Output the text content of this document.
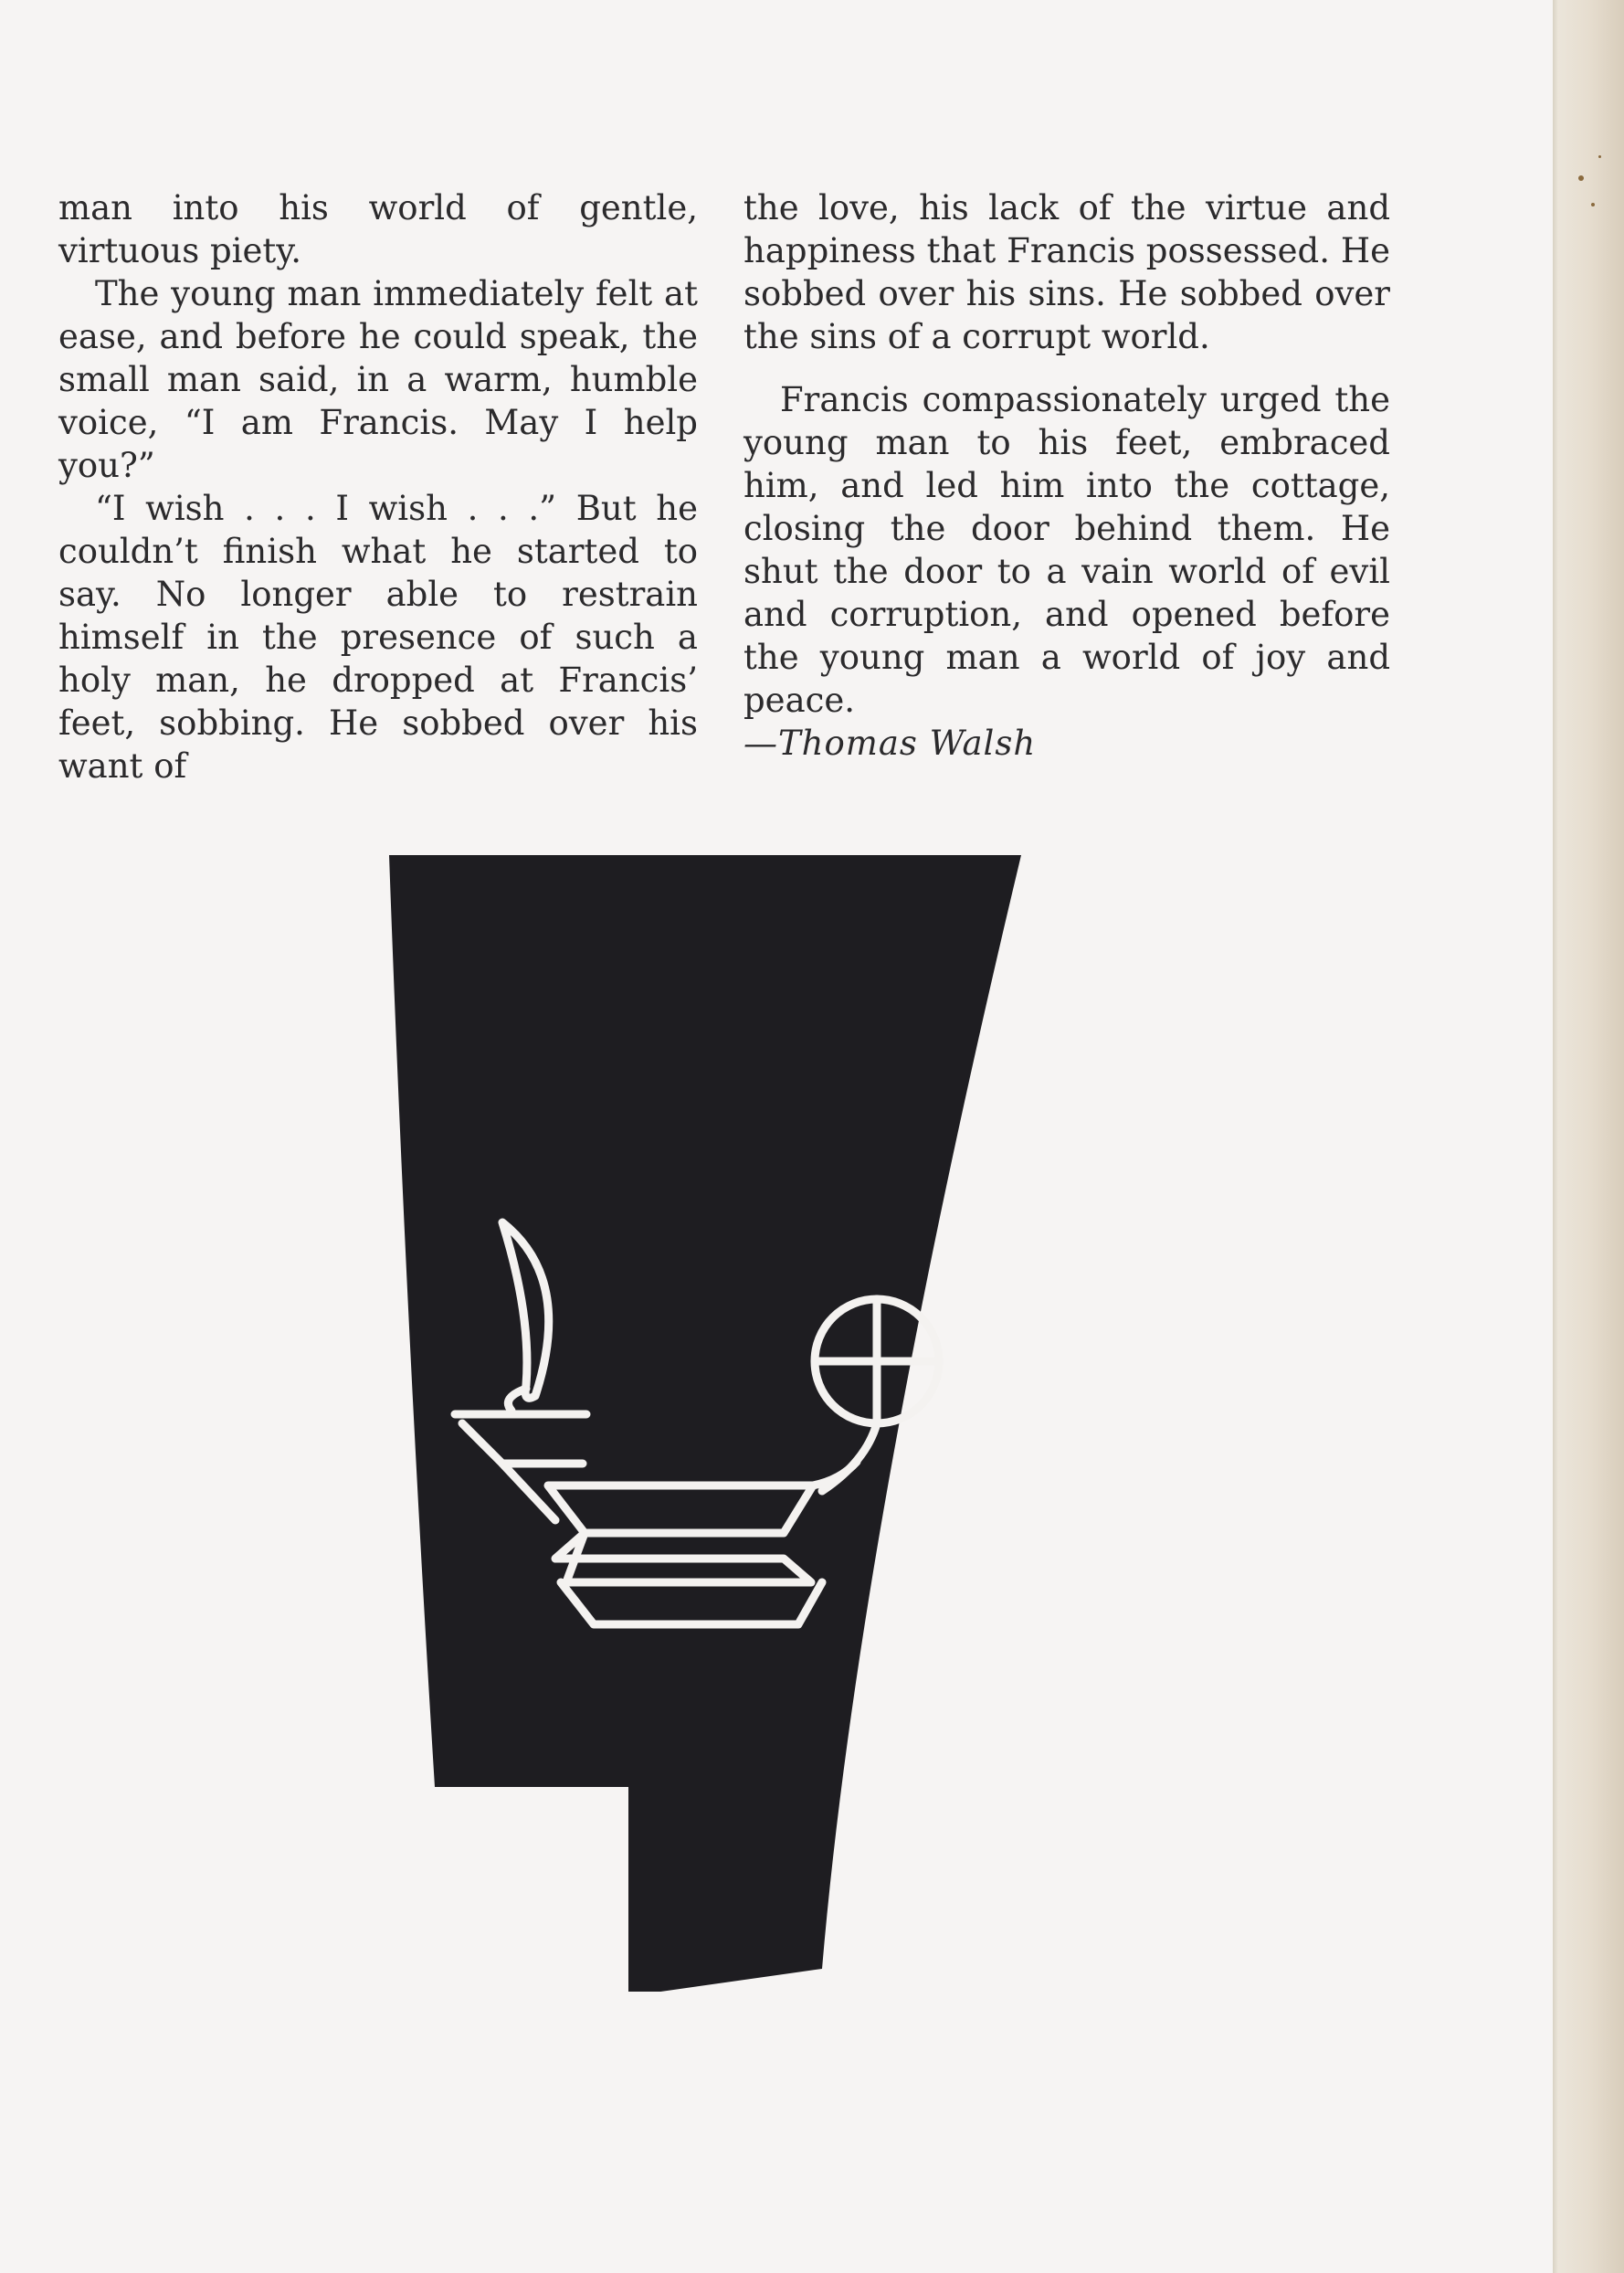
man into his world of gentle, virtuous piety.

The young man immediately felt at ease, and before he could speak, the small man said, in a warm, humble voice, “I am Francis. May I help you?”

“I wish . . . I wish . . .” But he couldn’t finish what he started to say. No longer able to restrain himself in the presence of such a holy man, he dropped at Francis’ feet, sobbing. He sobbed over his want of

the love, his lack of the virtue and happiness that Francis possessed. He sobbed over his sins. He sobbed over the sins of a corrupt world.

Francis compassionately urged the young man to his feet, embraced him, and led him into the cottage, closing the door behind them. He shut the door to a vain world of evil and corruption, and opened before the young man a world of joy and peace.

—Thomas Walsh
